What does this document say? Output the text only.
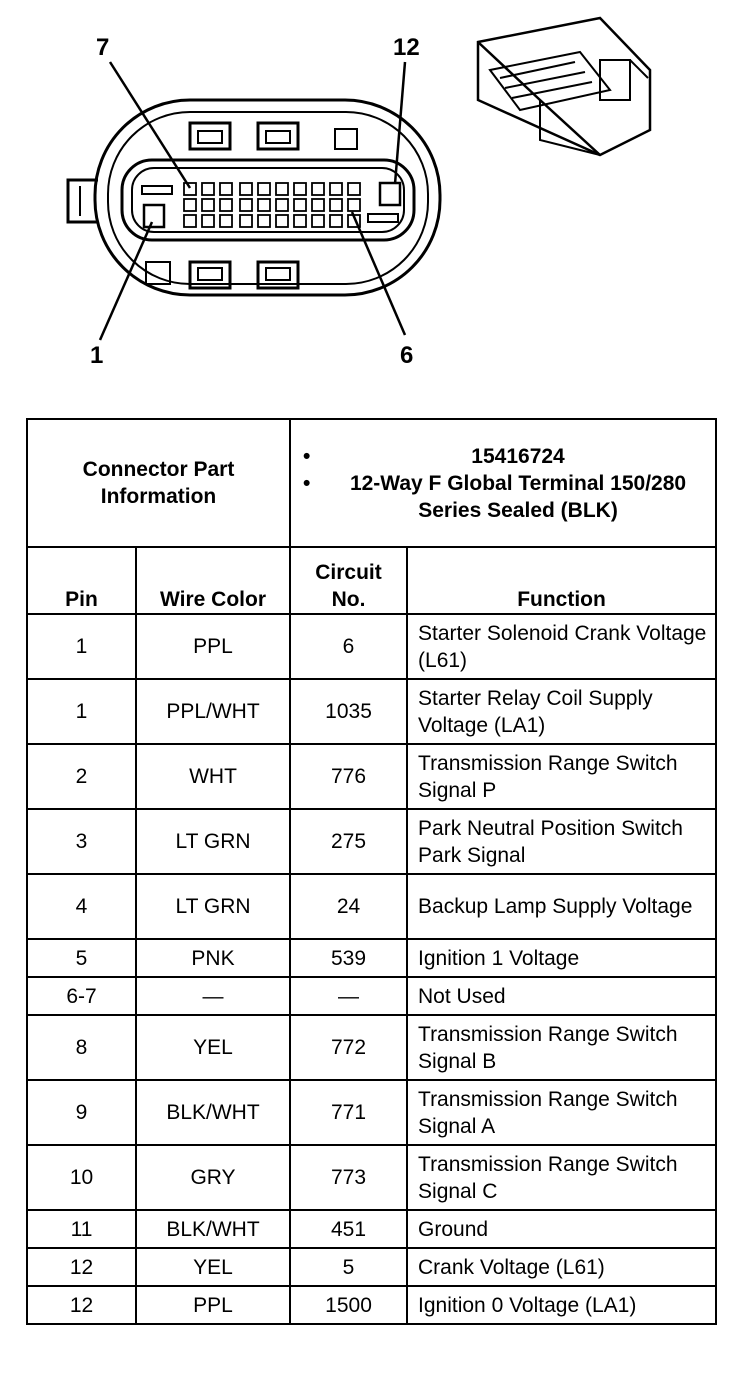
7	12
1	6
Connector Part Information		• 15416724
• 12-Way F Global Terminal 150/280 Series Sealed (BLK)	

Pin	Wire Color	Circuit No.	Function
1	PPL	6	Starter Solenoid Crank Voltage (L61)
1	PPL/WHT	1035	Starter Relay Coil Supply Voltage (LA1)
2	WHT	776	Transmission Range Switch Signal P
3	LT GRN	275	Park Neutral Position Switch Park Signal
4	LT GRN	24	Backup Lamp Supply Voltage
5	PNK	539	Ignition 1 Voltage
6-7	—	—	Not Used
8	YEL	772	Transmission Range Switch Signal B
9	BLK/WHT	771	Transmission Range Switch Signal A
10	GRY	773	Transmission Range Switch Signal C
11	BLK/WHT	451	Ground
12	YEL	5	Crank Voltage (L61)
12	PPL	1500	Ignition 0 Voltage (LA1)
